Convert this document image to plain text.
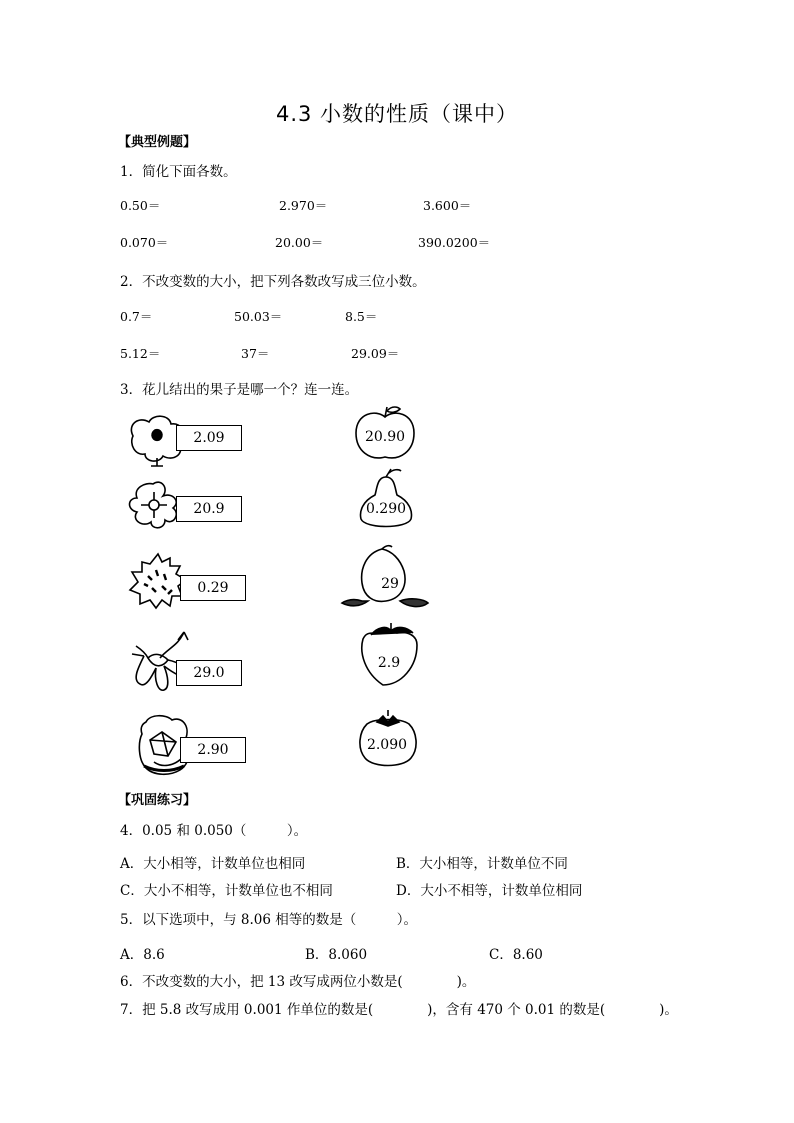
4.3 小数的性质（课中）
【典型例题】
1．简化下面各数。
0.50＝	2.970＝	3.600＝
0.070＝	20.00＝	390.0200＝
2．不改变数的大小，把下列各数改写成三位小数。
0.7＝	50.03＝	8.5＝
5.12＝	37＝	29.09＝
3．花儿结出的果子是哪一个？连一连。
2.09
20.9
0.29
29.0
2.90
20.90
0.290
29
2.9
2.090
【巩固练习】
4．0.05 和 0.050（　　　）。
A．大小相等，计数单位也相同	B．大小相等，计数单位不同
C．大小不相等，计数单位也不相同	D．大小不相等，计数单位相同
5．以下选项中，与 8.06 相等的数是（　　　）。
A．8.6	B．8.060	C．8.60
6．不改变数的大小，把 13 改写成两位小数是(　　　　)。
7．把 5.8 改写成用 0.001 作单位的数是(　　　　)，含有 470 个 0.01 的数是(　　　　)。
